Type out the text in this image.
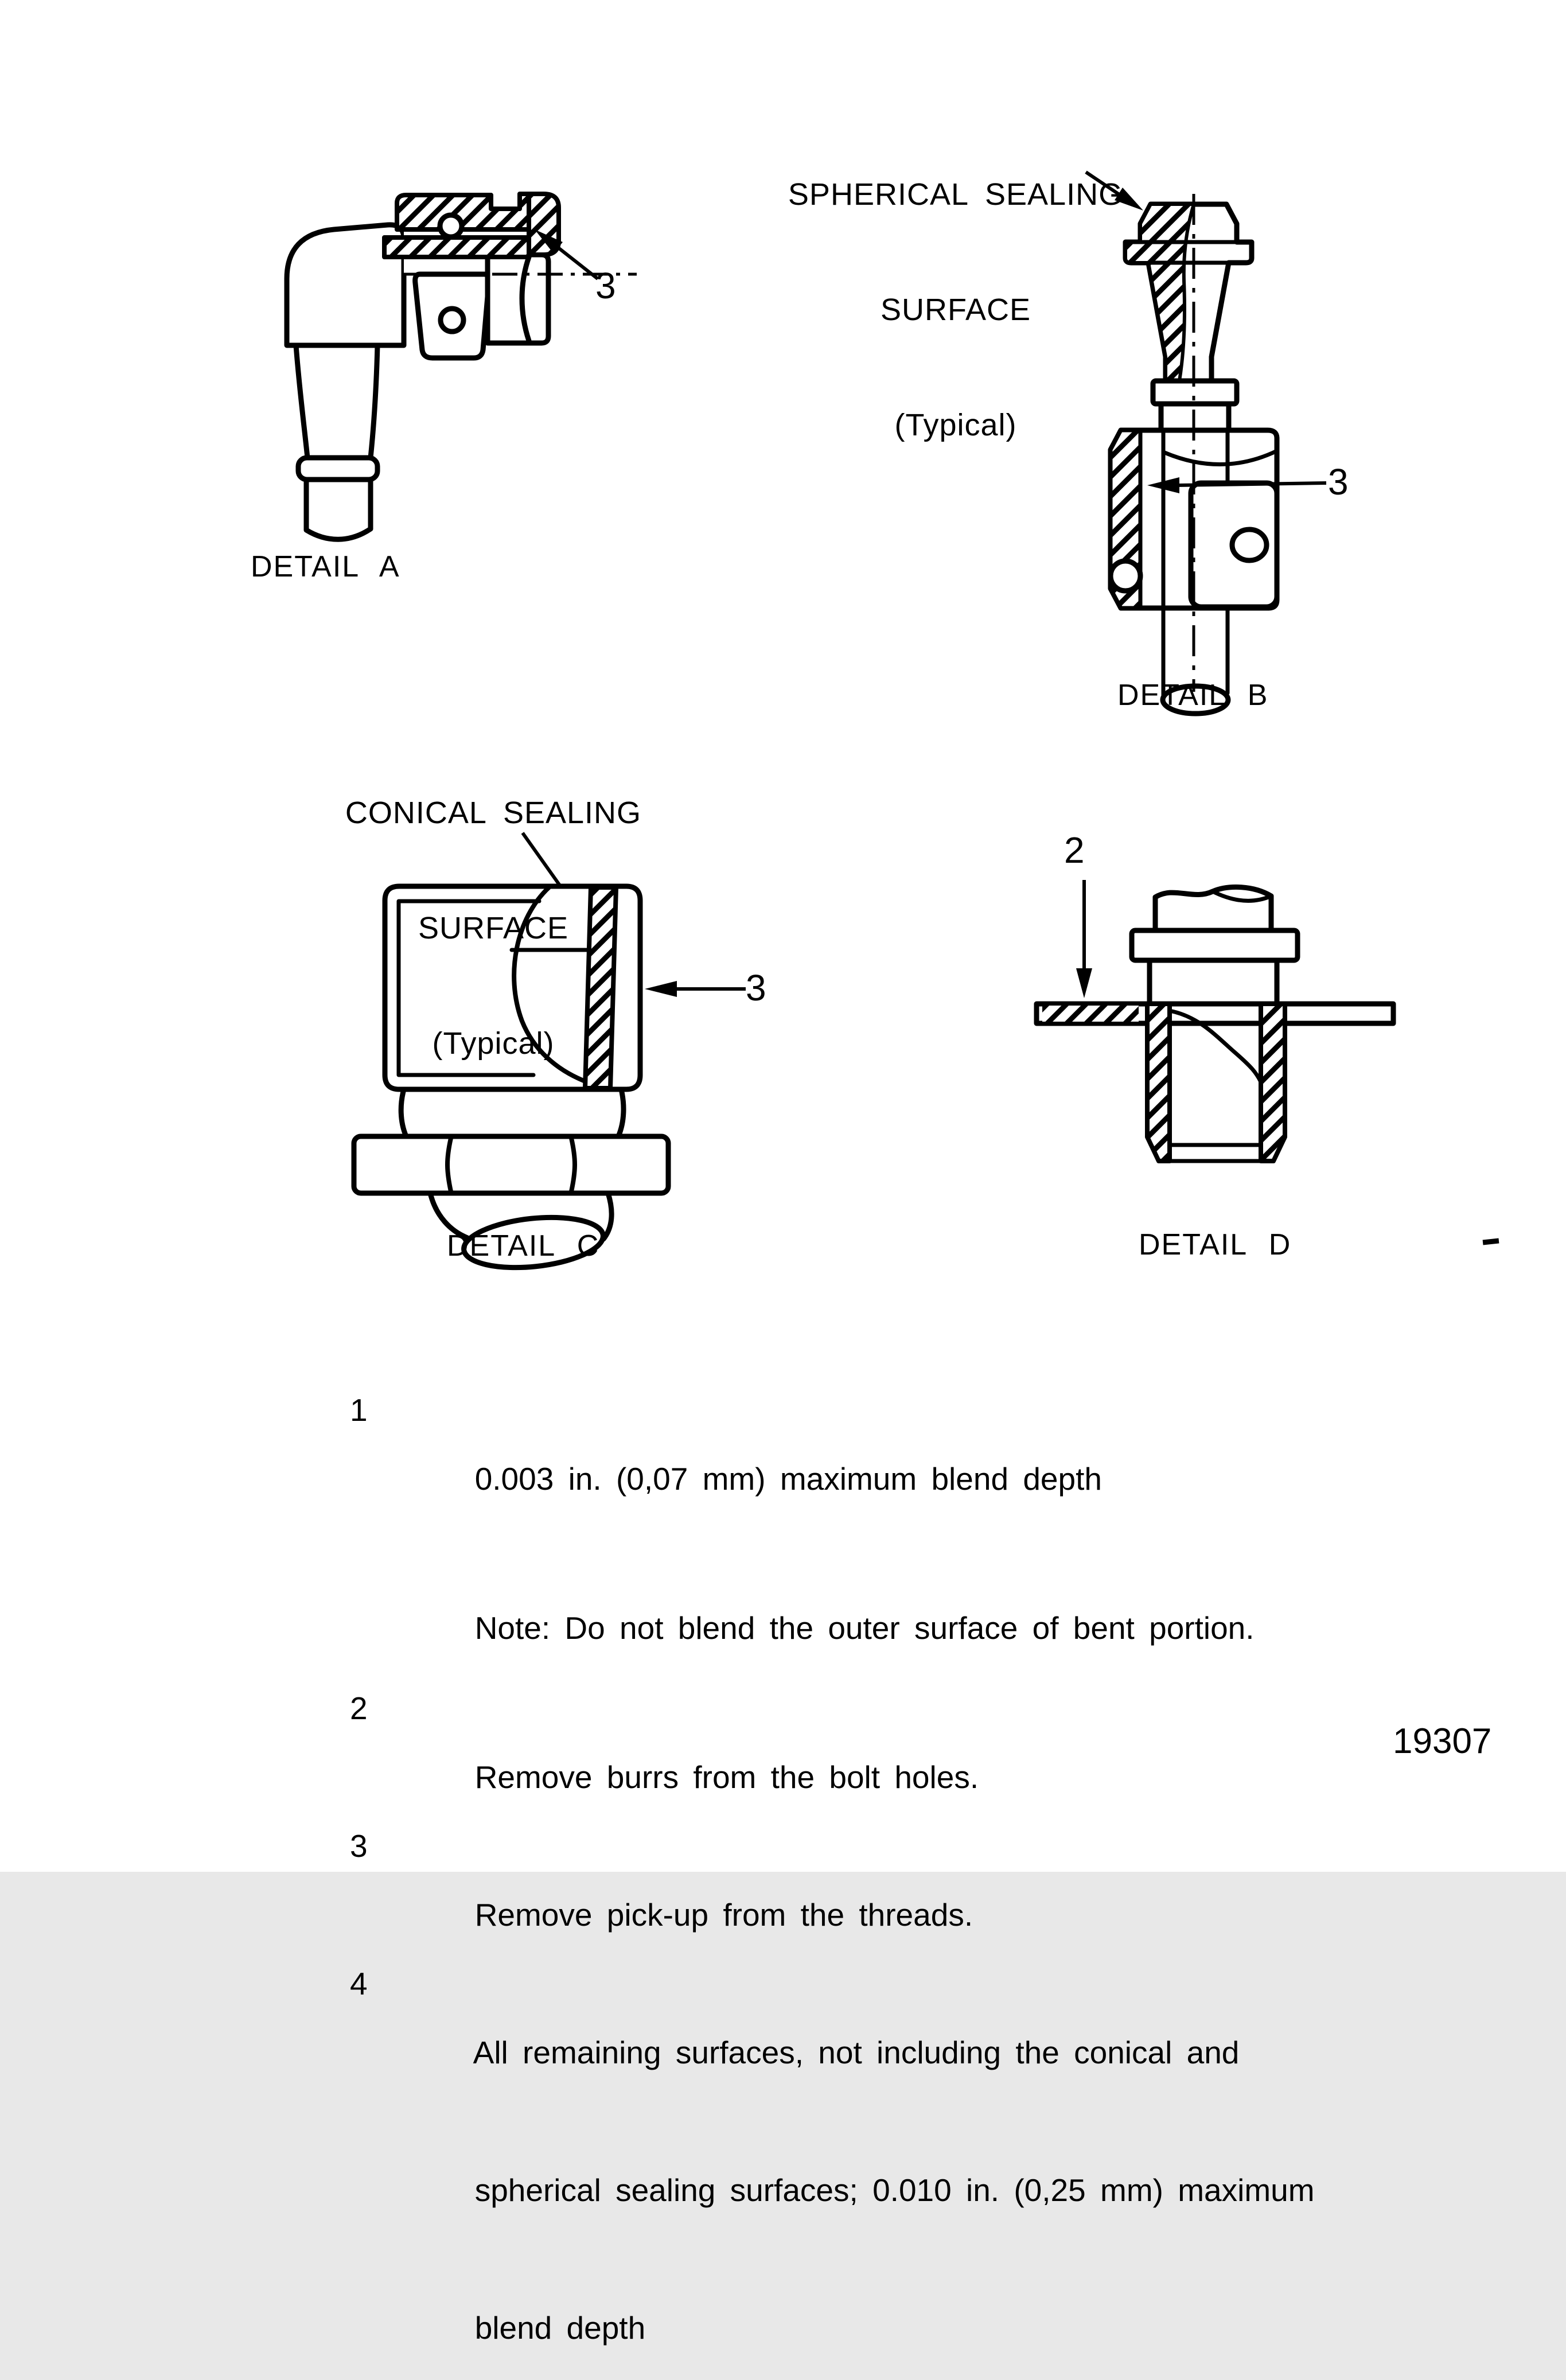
SPHERICAL SEALING

SURFACE

(Typical)

CONICAL SEALING

SURFACE

(Typical)

3
3
3
2
DETAIL A
DETAIL B
DETAIL C	DETAIL D

1

0.003 in. (0,07 mm) maximum blend depth

Note: Do not blend the outer surface of bent portion.

2

Remove burrs from the bolt holes.

3

Remove pick-up from the threads.

4

All remaining surfaces, not including the conical and

spherical sealing surfaces; 0.010 in. (0,25 mm) maximum

blend depth

19307
